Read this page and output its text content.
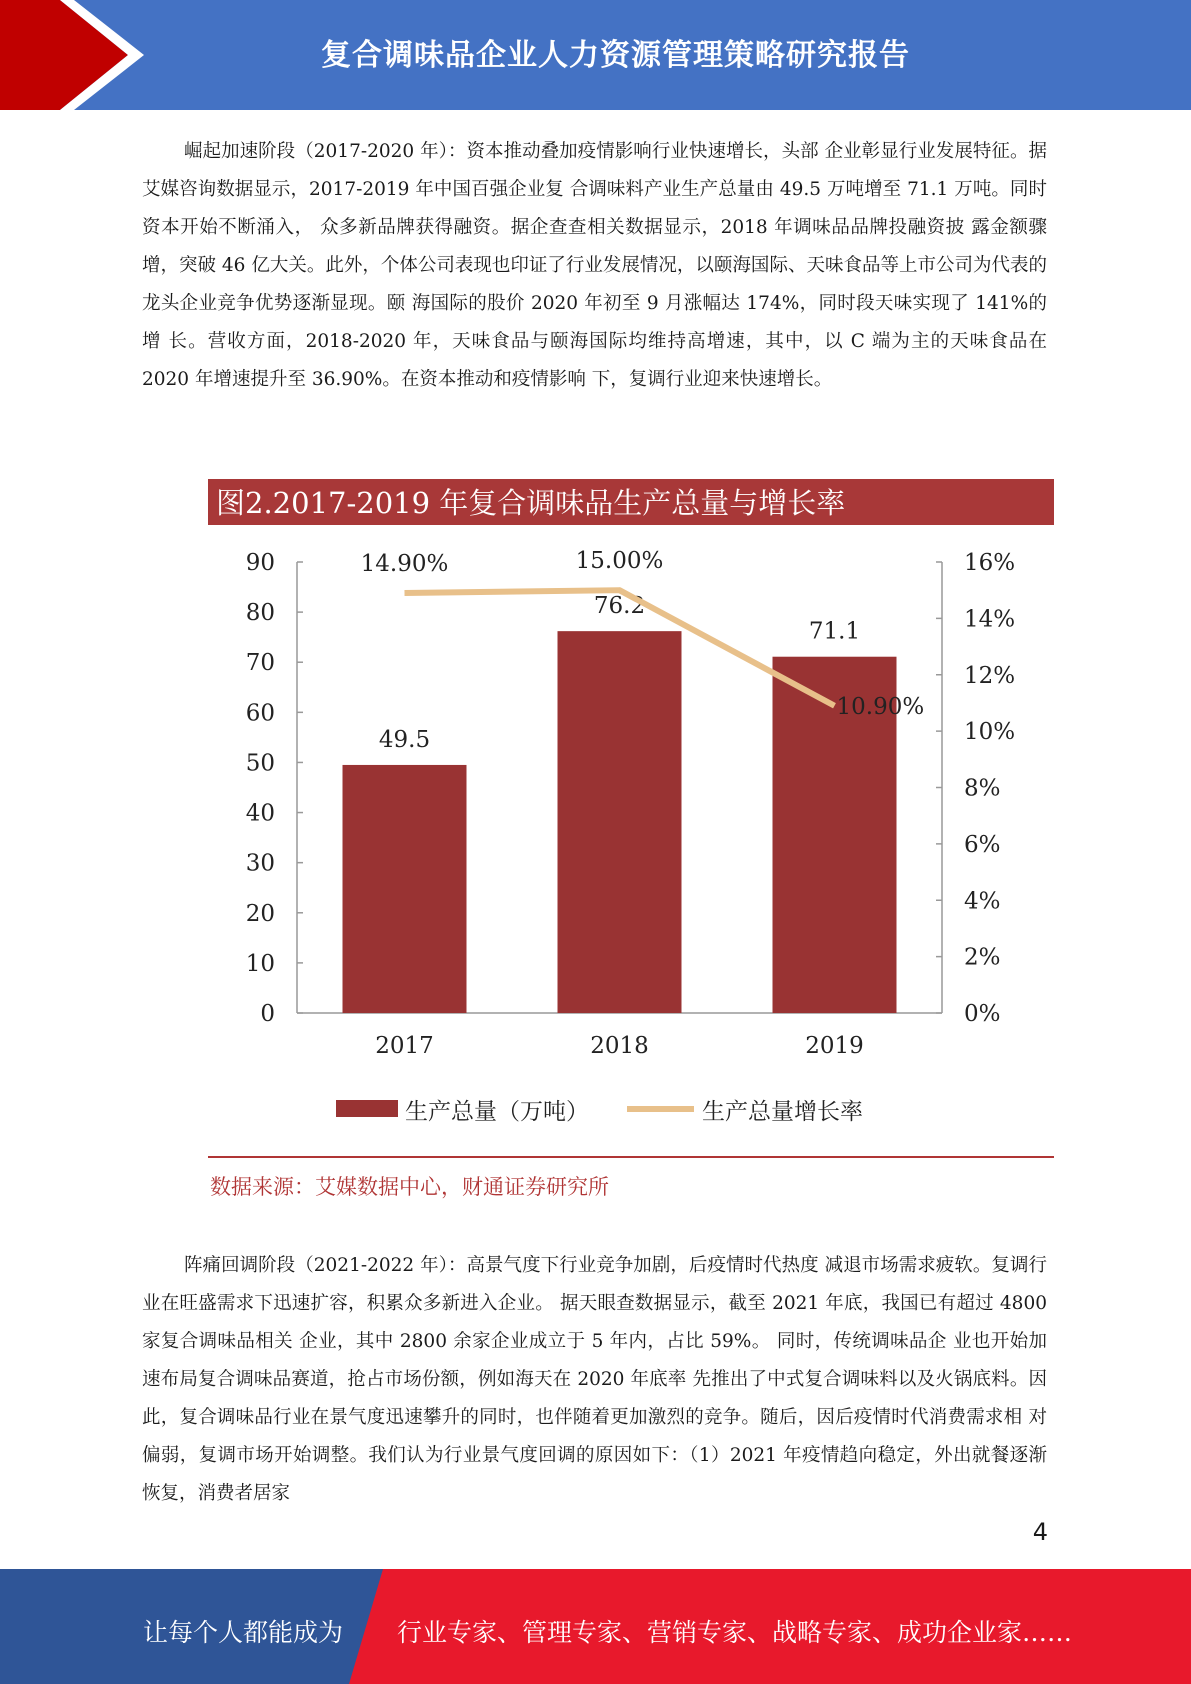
复合调味品企业人力资源管理策略研究报告

崛起加速阶段（2017-2020 年）：资本推动叠加疫情影响行业快速增长，头部 企业彰显行业发展特征。据艾媒咨询数据显示，2017-2019 年中国百强企业复 合调味料产业生产总量由 49.5 万吨增至 71.1 万吨。同时资本开始不断涌入， 众多新品牌获得融资。据企查查相关数据显示，2018 年调味品品牌投融资披 露金额骤增，突破 46 亿大关。此外，个体公司表现也印证了行业发展情况，以颐海国际、天味食品等上市公司为代表的龙头企业竞争优势逐渐显现。颐 海国际的股价 2020 年初至 9 月涨幅达 174%，同时段天味实现了 141%的增 长。营收方面，2018-2020 年，天味食品与颐海国际均维持高增速，其中，以 C 端为主的天味食品在 2020 年增速提升至 36.90%。在资本推动和疫情影响 下，复调行业迎来快速增长。

图2.2017-2019 年复合调味品生产总量与增长率
0
10
20
30
40
50
60
70
80
90
0%
2%
4%
6%
8%
10%
12%
14%
16%
49.5
2017
76.2
2018
71.1
2019
14.90%	15.00%
10.90%
生产总量（万吨）	生产总量增长率
数据来源：艾媒数据中心，财通证券研究所

阵痛回调阶段（2021-2022 年）：高景气度下行业竞争加剧，后疫情时代热度 减退市场需求疲软。复调行业在旺盛需求下迅速扩容，积累众多新进入企业。 据天眼查数据显示，截至 2021 年底，我国已有超过 4800 家复合调味品相关 企业，其中 2800 余家企业成立于 5 年内，占比 59%。 同时，传统调味品企 业也开始加速布局复合调味品赛道，抢占市场份额，例如海天在 2020 年底率 先推出了中式复合调味料以及火锅底料。因此，复合调味品行业在景气度迅速攀升的同时，也伴随着更加激烈的竞争。随后，因后疫情时代消费需求相 对偏弱，复调市场开始调整。我们认为行业景气度回调的原因如下：（1）2021 年疫情趋向稳定，外出就餐逐渐恢复，消费者居家

4
让每个人都能成为 行业专家、管理专家、营销专家、战略专家、成功企业家……
